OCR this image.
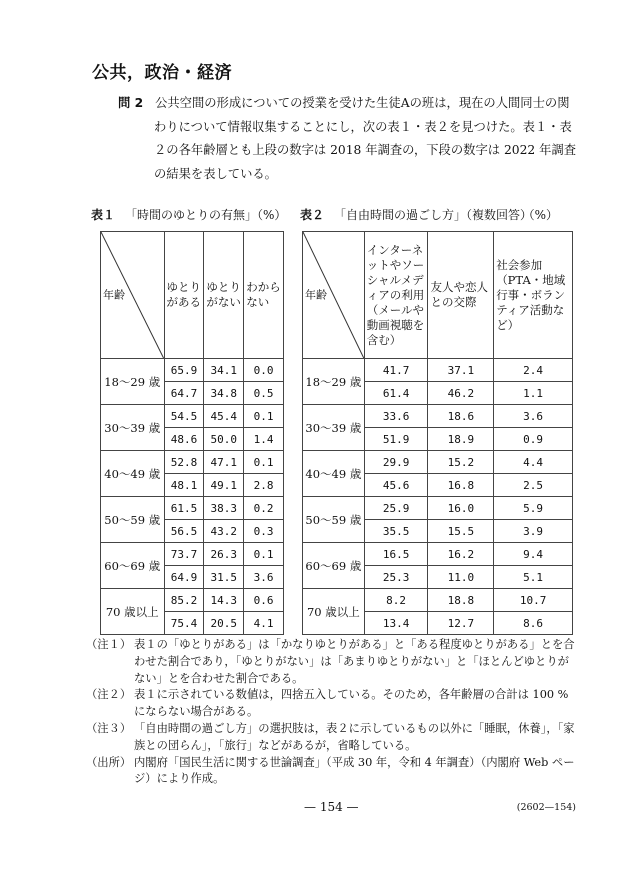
公共，政治・経済
問 2 公共空間の形成についての授業を受けた生徒Aの班は，現在の人間同士の関わりについて情報収集することにし，次の表１・表２を見つけた。表１・表２の各年齢層とも上段の数字は 2018 年調査の，下段の数字は 2022 年調査の結果を表している。
表１ 「時間のゆとりの有無」（%） 表２ 「自由時間の過ごし方」（複数回答）
（%）
年齢	ゆとりがある	ゆとりがない	わからない
18〜29 歳	65.9	34.1	0.0
	64.7	34.8	0.5
30〜39 歳	54.5	45.4	0.1
	48.6	50.0	1.4
40〜49 歳	52.8	47.1	0.1
	48.1	49.1	2.8
50〜59 歳	61.5	38.3	0.2
	56.5	43.2	0.3
60〜69 歳	73.7	26.3	0.1
	64.9	31.5	3.6
70 歳以上	85.2	14.3	0.6
	75.4	20.5	4.1
年齢	インターネットやソーシャルメディアの利用（メールや動画視聴を含む）	友人や恋人との交際	社会参加（PTA・地域行事・ボランティア活動など）
18〜29 歳	41.7	37.1	2.4
	61.4	46.2	1.1
30〜39 歳	33.6	18.6	3.6
	51.9	18.9	0.9
40〜49 歳	29.9	15.2	4.4
	45.6	16.8	2.5
50〜59 歳	25.9	16.0	5.9
	35.5	15.5	3.9
60〜69 歳	16.5	16.2	9.4
	25.3	11.0	5.1
70 歳以上	8.2	18.8	10.7
	13.4	12.7	8.6
（注１） 表１の「ゆとりがある」は「かなりゆとりがある」と「ある程度ゆとりがある」とを合わせた割合であり，「ゆとりがない」は「あまりゆとりがない」と「ほとんどゆとりがない」とを合わせた割合である。
（注２） 表１に示されている数値は，四捨五入している。そのため，各年齢層の合計は 100 % にならない場合がある。
（注３） 「自由時間の過ごし方」の選択肢は，表２に示しているもの以外に「睡眠，休養」，「家族との団らん」，「旅行」などがあるが，省略している。
（出所） 内閣府「国民生活に関する世論調査」（平成 30 年，令和 4 年調査）（内閣府 Web ページ）により作成。
— 154 —	(2602—154)
